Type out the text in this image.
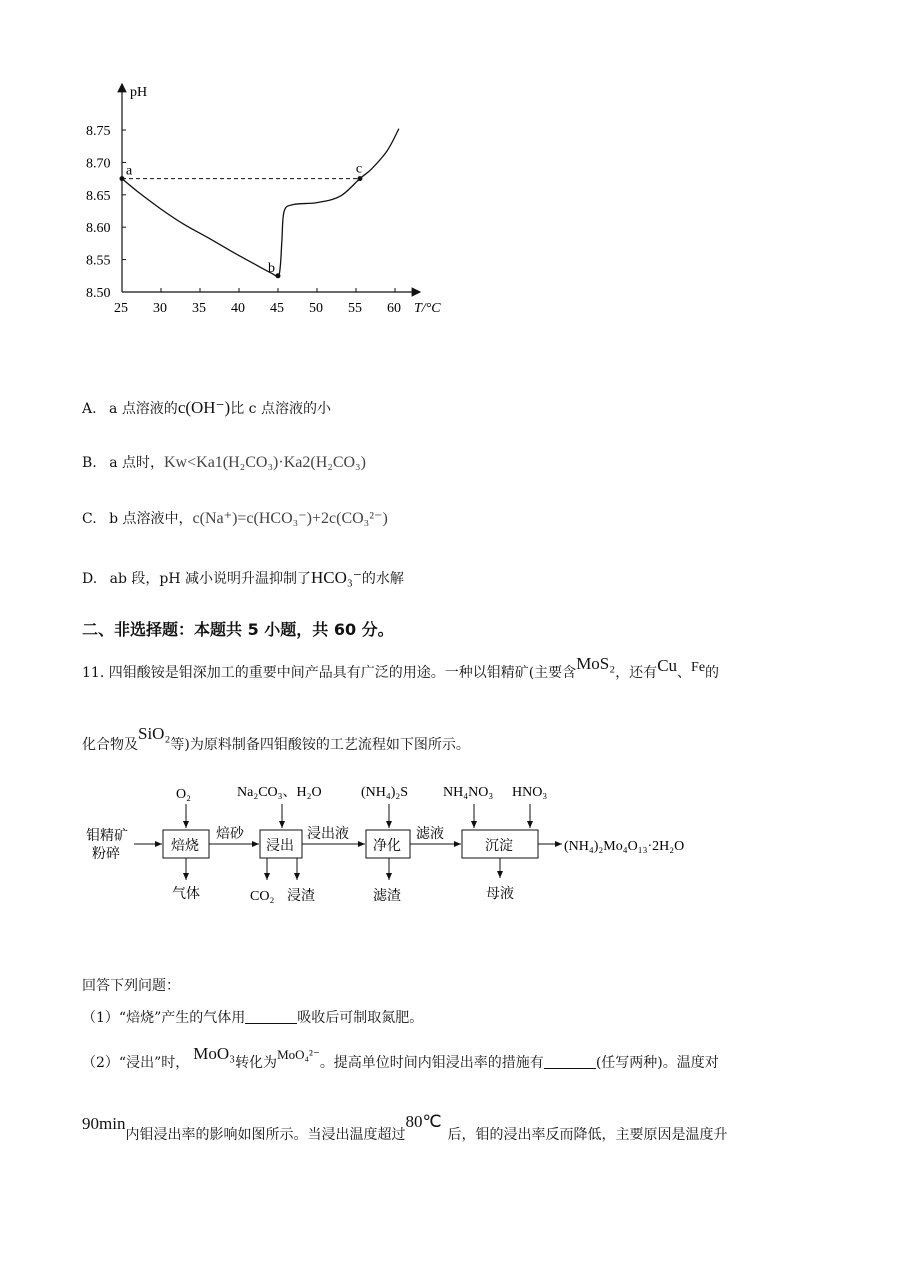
pH
T/°C
25 30 35 40 45 50 55 60
8.75
8.70
8.65
8.60
8.55
8.50
a
b
c
A. a 点溶液的c(OH⁻)比 c 点溶液的小
B. a 点时，Kw<Ka1(H₂CO₃)·Ka2(H₂CO₃)
C. b 点溶液中，c(Na⁺)=c(HCO₃⁻)+2c(CO₃²⁻)
D. ab 段，pH 减小说明升温抑制了HCO₃⁻的水解
二、非选择题：本题共 5 小题，共 60 分。
11. 四钼酸铵是钼深加工的重要中间产品具有广泛的用途。一种以钼精矿(主要含MoS₂，还有Cu、Fe的
化合物及SiO₂等)为原料制备四钼酸铵的工艺流程如下图所示。
O₂	Na₂CO₃、H₂O	(NH₄)₂S NH₄NO₃ HNO₃
钼精矿
粉碎
焙烧
焙砂
浸出
浸出液
净化
滤液
沉淀	(NH₄)₂Mo₄O₁₃·2H₂O
气体	CO₂ 浸渣	滤渣	母液
回答下列问题：
（1）“焙烧”产生的气体用	吸收后可制取氮肥。
（2）“浸出”时， MoO₃转化为MoO₄²⁻。提高单位时间内钼浸出率的措施有	(任写两种)。温度对
90min内钼浸出率的影响如图所示。当浸出温度超过80℃后，钼的浸出率反而降低，主要原因是温度升
